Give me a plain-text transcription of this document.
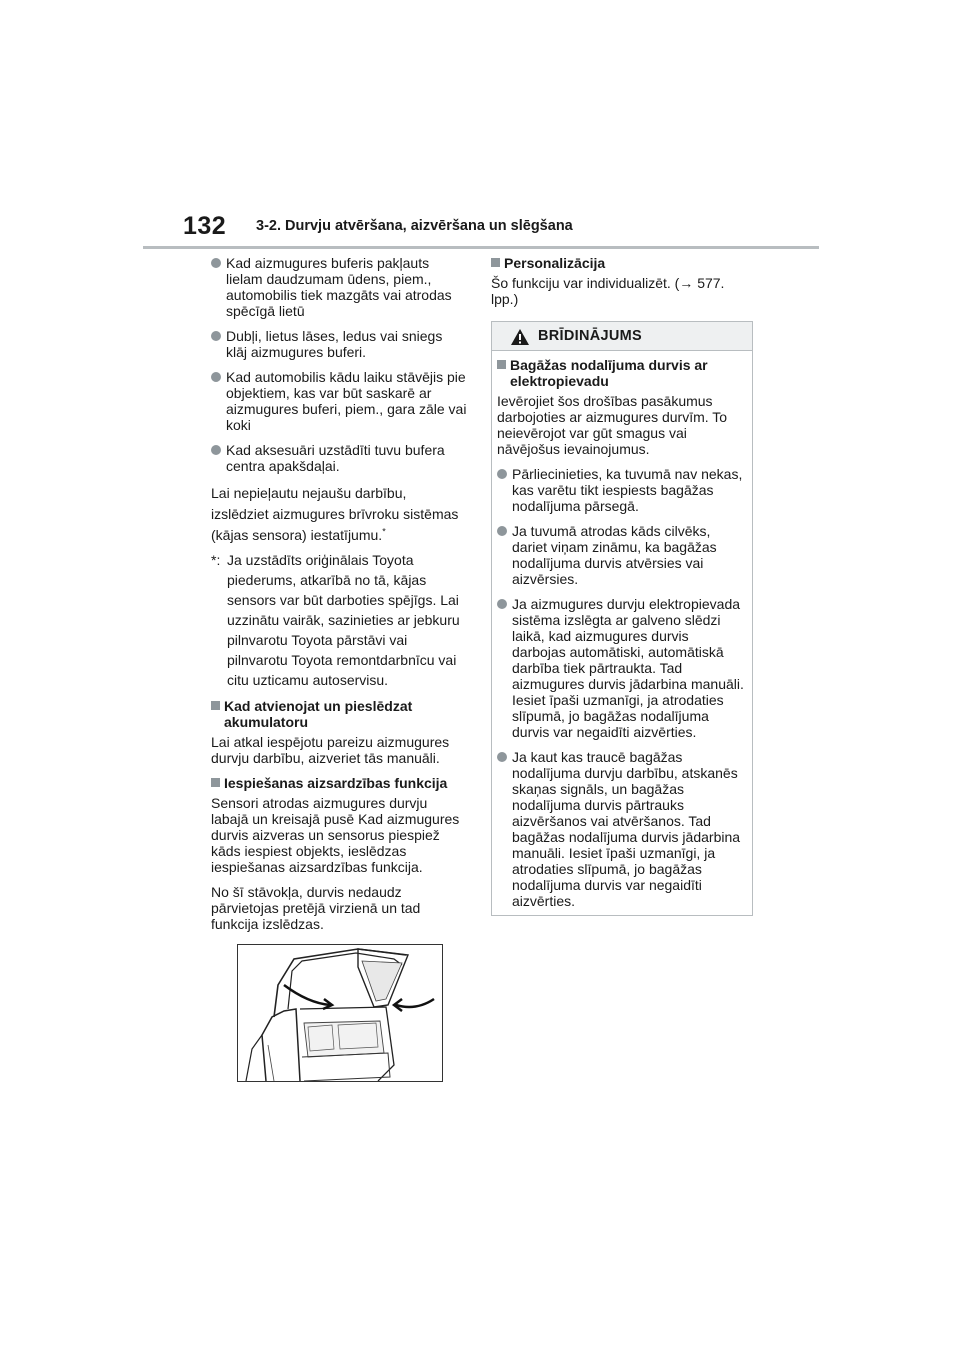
132 3-2. Durvju atvēršana, aizvēršana un slēgšana
Kad aizmugures buferis pakļauts lielam daudzumam ūdens, piem., automobilis tiek mazgāts vai atrodas spēcīgā lietū
Dubļi, lietus lāses, ledus vai sniegs klāj aizmugures buferi.
Kad automobilis kādu laiku stāvējis pie objektiem, kas var būt saskarē ar aizmugures buferi, piem., gara zāle vai koki
Kad aksesuāri uzstādīti tuvu bufera centra apakšdaļai.

Lai nepieļautu nejaušu darbību, izslēdziet aizmugures brīvroku sistēmas (kājas sensora) iestatījumu.*

*: Ja uzstādīts oriģinālais Toyota piederums, atkarībā no tā, kājas sensors var būt darboties spējīgs. Lai uzzinātu vairāk, sazinieties ar jebkuru pilnvarotu Toyota pārstāvi vai pilnvarotu Toyota remontdarbnīcu vai citu uzticamu autoservisu.
Kad atvienojat un pieslēdzat akumulatoru

Lai atkal iespējotu pareizu aizmugures durvju darbību, aizveriet tās manuāli.

Iespiešanas aizsardzības funkcija

Sensori atrodas aizmugures durvju labajā un kreisajā pusē Kad aizmugures durvis aizveras un sensorus piespiež kāds iespiest objekts, ieslēdzas iespiešanas aizsardzības funkcija.

No šī stāvokļa, durvis nedaudz pārvietojas pretējā virzienā un tad funkcija izslēdzas.

Personalizācija

Šo funkciju var individualizēt. (→ 577. lpp.)

BRĪDINĀJUMS
Bagāžas nodalījuma durvis ar elektropievadu

Ievērojiet šos drošības pasākumus darbojoties ar aizmugures durvīm. To neievērojot var gūt smagus vai nāvējošus ievainojumus.

Pārliecinieties, ka tuvumā nav nekas, kas varētu tikt iespiests bagāžas nodalījuma pārsegā.
Ja tuvumā atrodas kāds cilvēks, dariet viņam zināmu, ka bagāžas nodalījuma durvis atvērsies vai aizvērsies.
Ja aizmugures durvju elektropievada sistēma izslēgta ar galveno slēdzi laikā, kad aizmugures durvis darbojas automātiski, automātiskā darbība tiek pārtraukta. Tad aizmugures durvis jādarbina manuāli. Iesiet īpaši uzmanīgi, ja atrodaties slīpumā, jo bagāžas nodalījuma durvis var negaidīti aizvērties.
Ja kaut kas traucē bagāžas nodalījuma durvju darbību, atskanēs skaņas signāls, un bagāžas nodalījuma durvis pārtrauks aizvēršanos vai atvēršanos. Tad bagāžas nodalījuma durvis jādarbina manuāli. Iesiet īpaši uzmanīgi, ja atrodaties slīpumā, jo bagāžas nodalījuma durvis var negaidīti aizvērties.
